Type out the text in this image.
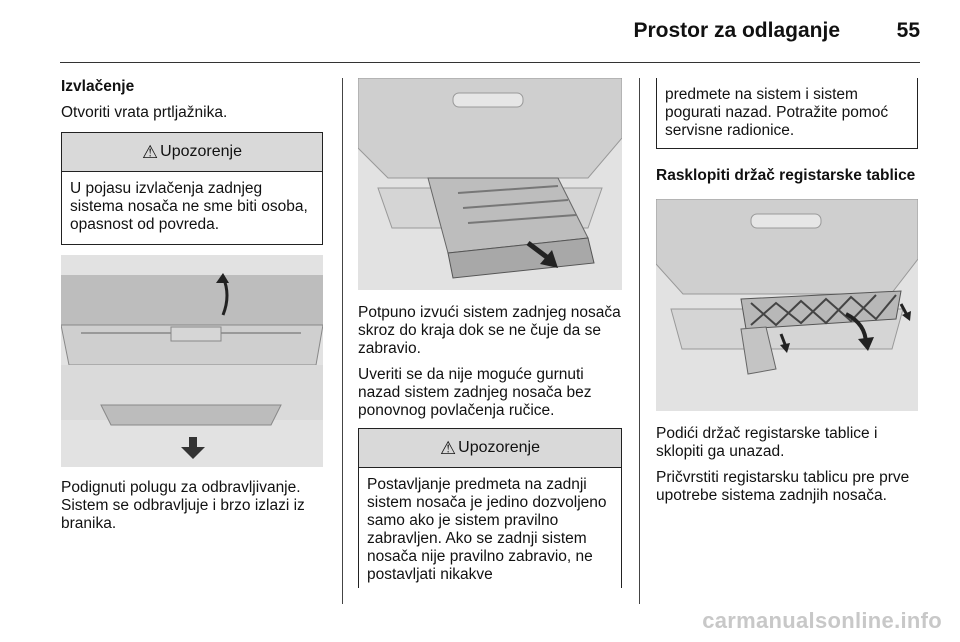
Prostor za odlaganje	55

Izvlačenje

Otvoriti vrata prtljažnika.

⚠ Upozorenje
U pojasu izvlačenja zadnjeg sistema nosača ne sme biti osoba, opasnost od povreda.

Podignuti polugu za odbravljivanje. Sistem se odbravljuje i brzo izlazi iz branika.

Potpuno izvući sistem zadnjeg nosača skroz do kraja dok se ne čuje da se zabravio.

Uveriti se da nije moguće gurnuti nazad sistem zadnjeg nosača bez ponovnog povlačenja ručice.

⚠ Upozorenje
Postavljanje predmeta na zadnji sistem nosača je jedino dozvoljeno samo ako je sistem pravilno zabravljen. Ako se zadnji sistem nosača nije pravilno zabravio, ne postavljati nikakve
predmete na sistem i sistem pogurati nazad. Potražite pomoć servisne radionice.

Rasklopiti držač registarske tablice

Podići držač registarske tablice i sklopiti ga unazad.

Pričvrstiti registarsku tablicu pre prve upotrebe sistema zadnjih nosača.

carmanualsonline.info
